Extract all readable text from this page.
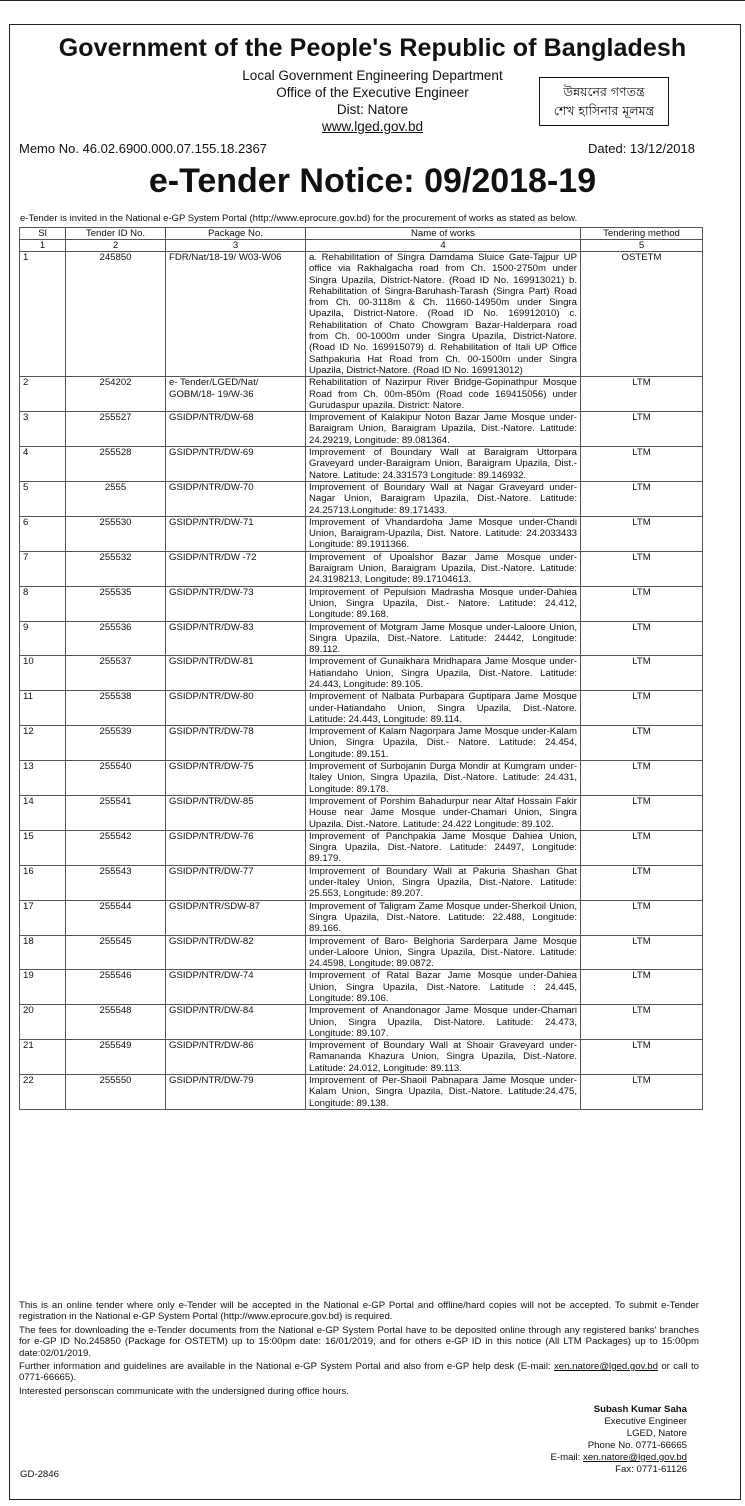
Government of the People's Republic of Bangladesh
Local Government Engineering Department
Office of the Executive Engineer
Dist: Natore
www.lged.gov.bd
উন্নয়নের গণতন্ত্র
শেখ হাসিনার মূলমন্ত্র
Memo No. 46.02.6900.000.07.155.18.2367	Dated: 13/12/2018
e-Tender Notice: 09/2018-19
e-Tender is invited in the National e-GP System Portal (http://www.eprocure.gov.bd) for the procurement of works as stated as below.
Sl	Tender ID No.	Package No.	Name of works	Tendering method
1	2	3	4	5
1	245850	FDR/Nat/18-19/ W03-W06	a. Rehabilitation of Singra Damdama Sluice Gate-Tajpur UP office via Rakhalgacha road from Ch. 1500-2750m under Singra Upazila, District-Natore. (Road ID No. 169913021) b. Rehabilitation of Singra-Baruhash-Tarash (Singra Part) Road from Ch. 00-3118m & Ch. 11660-14950m under Singra Upazila, District-Natore. (Road ID No. 169912010) c. Rehabilitation of Chato Chowgram Bazar-Halderpara road from Ch. 00-1000m under Singra Upazila, District-Natore. (Road ID No. 169915079) d. Rehabilitation of Itali UP Office Sathpakuria Hat Road from Ch. 00-1500m under Singra Upazila, District-Natore. (Road ID No. 169913012)	OSTETM
2	254202	e- Tender/LGED/Nat/ GOBM/18- 19/W-36	Rehabilitation of Nazirpur River Bridge-Gopinathpur Mosque Road from Ch. 00m-850m (Road code 169415056) under Gurudaspur upazila. District: Natore.	LTM
3	255527	GSIDP/NTR/DW-68	Improvement of Kalakipur Noton Bazar Jame Mosque under- Baraigram Union, Baraigram Upazila, Dist.-Natore. Latitude: 24.29219, Longitude: 89.081364.	LTM
4	255528	GSIDP/NTR/DW-69	Improvement of Boundary Wall at Baraigram Uttorpara Graveyard under-Baraigram Union, Baraigram Upazila, Dist.-Natore. Latitude: 24.331573 Longitude: 89.146932.	LTM
5	2555	GSIDP/NTR/DW-70	Improvement of Boundary Wall at Nagar Graveyard under-Nagar Union, Baraigram Upazila, Dist.-Natore. Latitude: 24.25713.Longitude: 89.171433.	LTM
6	255530	GSIDP/NTR/DW-71	Improvement of Vhandardoha Jame Mosque under-Chandi Union, Baraigram-Upazila, Dist. Natore. Latitude: 24.2033433 Longitude: 89.1911366.	LTM
7	255532	GSIDP/NTR/DW -72	Improvement of Upoalshor Bazar Jame Mosque under-Baraigram Union, Baraigram Upazila, Dist.-Natore. Latitude: 24.3198213, Longitude: 89.17104613.	LTM
8	255535	GSIDP/NTR/DW-73	Improvement of Pepulsion Madrasha Mosque under-Dahiea Union, Singra Upazila, Dist.- Natore. Latitude: 24.412, Longitude: 89.168.	LTM
9	255536	GSIDP/NTR/DW-83	Improvement of Motgram Jame Mosque under-Laloore Union, Singra Upazila, Dist.-Natore. Latitude: 24442, Longitude: 89.112.	LTM
10	255537	GSIDP/NTR/DW-81	Improvement of Gunaikhara Mridhapara Jame Mosque under-Hatiandaho Union, Singra Upazila, Dist.-Natore. Latitude: 24.443, Longitude: 89.105.	LTM
11	255538	GSIDP/NTR/DW-80	Improvement of Nalbata Purbapara Guptipara Jame Mosque under-Hatiandaho Union, Singra Upazila, Dist.-Natore. Latitude: 24.443, Longitude: 89.114.	LTM
12	255539	GSIDP/NTR/DW-78	Improvement of Kalam Nagorpara Jame Mosque under-Kalam Union, Singra Upazila, Dist.- Natore. Latitude: 24.454, Longitude: 89.151.	LTM
13	255540	GSIDP/NTR/DW-75	Improvement of Surbojanin Durga Mondir at Kumgram under-Italey Union, Singra Upazila, Dist.-Natore. Latitude: 24.431, Longitude: 89.178.	LTM
14	255541	GSIDP/NTR/DW-85	Improvement of Porshim Bahadurpur near Altaf Hossain Fakir House near Jame Mosque under-Chamari Union, Singra Upazila. Dist.-Natore. Latitude: 24.422 Longitude: 89.102.	LTM
15	255542	GSIDP/NTR/DW-76	Improvement of Panchpakia Jame Mosque Dahiea Union, Singra Upazila, Dist.-Natore. Latitude: 24497, Longitude: 89.179.	LTM
16	255543	GSIDP/NTR/DW-77	Improvement of Boundary Wall at Pakuria Shashan Ghat under-Italey Union, Singra Upazila, Dist.-Natore. Latitude: 25.553, Longitude: 89.207.	LTM
17	255544	GSIDP/NTR/SDW-87	Improvement of Taligram Zame Mosque under-Sherkoil Union, Singra Upazila, Dist.-Natore. Latitude: 22.488, Longitude: 89.166.	LTM
18	255545	GSIDP/NTR/DW-82	Improvement of Baro- Belghoria Sarderpara Jame Mosque under-Laloore Union, Singra Upazila, Dist.-Natore. Latitude: 24.4598, Longitude: 89.0872.	LTM
19	255546	GSIDP/NTR/DW-74	Improvement of Ratal Bazar Jame Mosque under-Dahiea Union, Singra Upazila, Dist.-Natore. Latitude : 24.445, Longitude: 89.106.	LTM
20	255548	GSIDP/NTR/DW-84	Improvement of Anandonagor Jame Mosque under-Chamari Union, Singra Upazila, Dist-Natore. Latitude: 24.473, Longitude: 89.107.	LTM
21	255549	GSIDP/NTR/DW-86	Improvement of Boundary Wall at Shoair Graveyard under- Ramananda Khazura Union, Singra Upazila, Dist.-Natore. Latitude: 24.012, Longitude: 89.113.	LTM
22	255550	GSIDP/NTR/DW-79	Improvement of Per-Shaoil Pabnapara Jame Mosque under-Kalam Union, Singra Upazila, Dist.-Natore. Latitude:24.475, Longitude: 89.138.	LTM
This is an online tender where only e-Tender will be accepted in the National e-GP Portal and offline/hard copies will not be accepted. To submit e-Tender registration in the National e-GP System Portal (http://www.eprocure.gov.bd) is required.
The fees for downloading the e-Tender documents from the National e-GP System Portal have to be deposited online through any registered banks' branches for e-GP ID No.245850 (Package for OSTETM) up to 15:00pm date: 16/01/2019, and for others e-GP ID in this notice (All LTM Packages) up to 15:00pm date:02/01/2019.
Further information and guidelines are available in the National e-GP System Portal and also from e-GP help desk (E-mail: xen.natore@lged.gov.bd or call to 0771-66665).
Interested personscan communicate with the undersigned during office hours.
Subash Kumar Saha
Executive Engineer
LGED, Natore
Phone No. 0771-66665
E-mail: xen.natore@lged.gov.bd
Fax: 0771-61126
GD-2846
